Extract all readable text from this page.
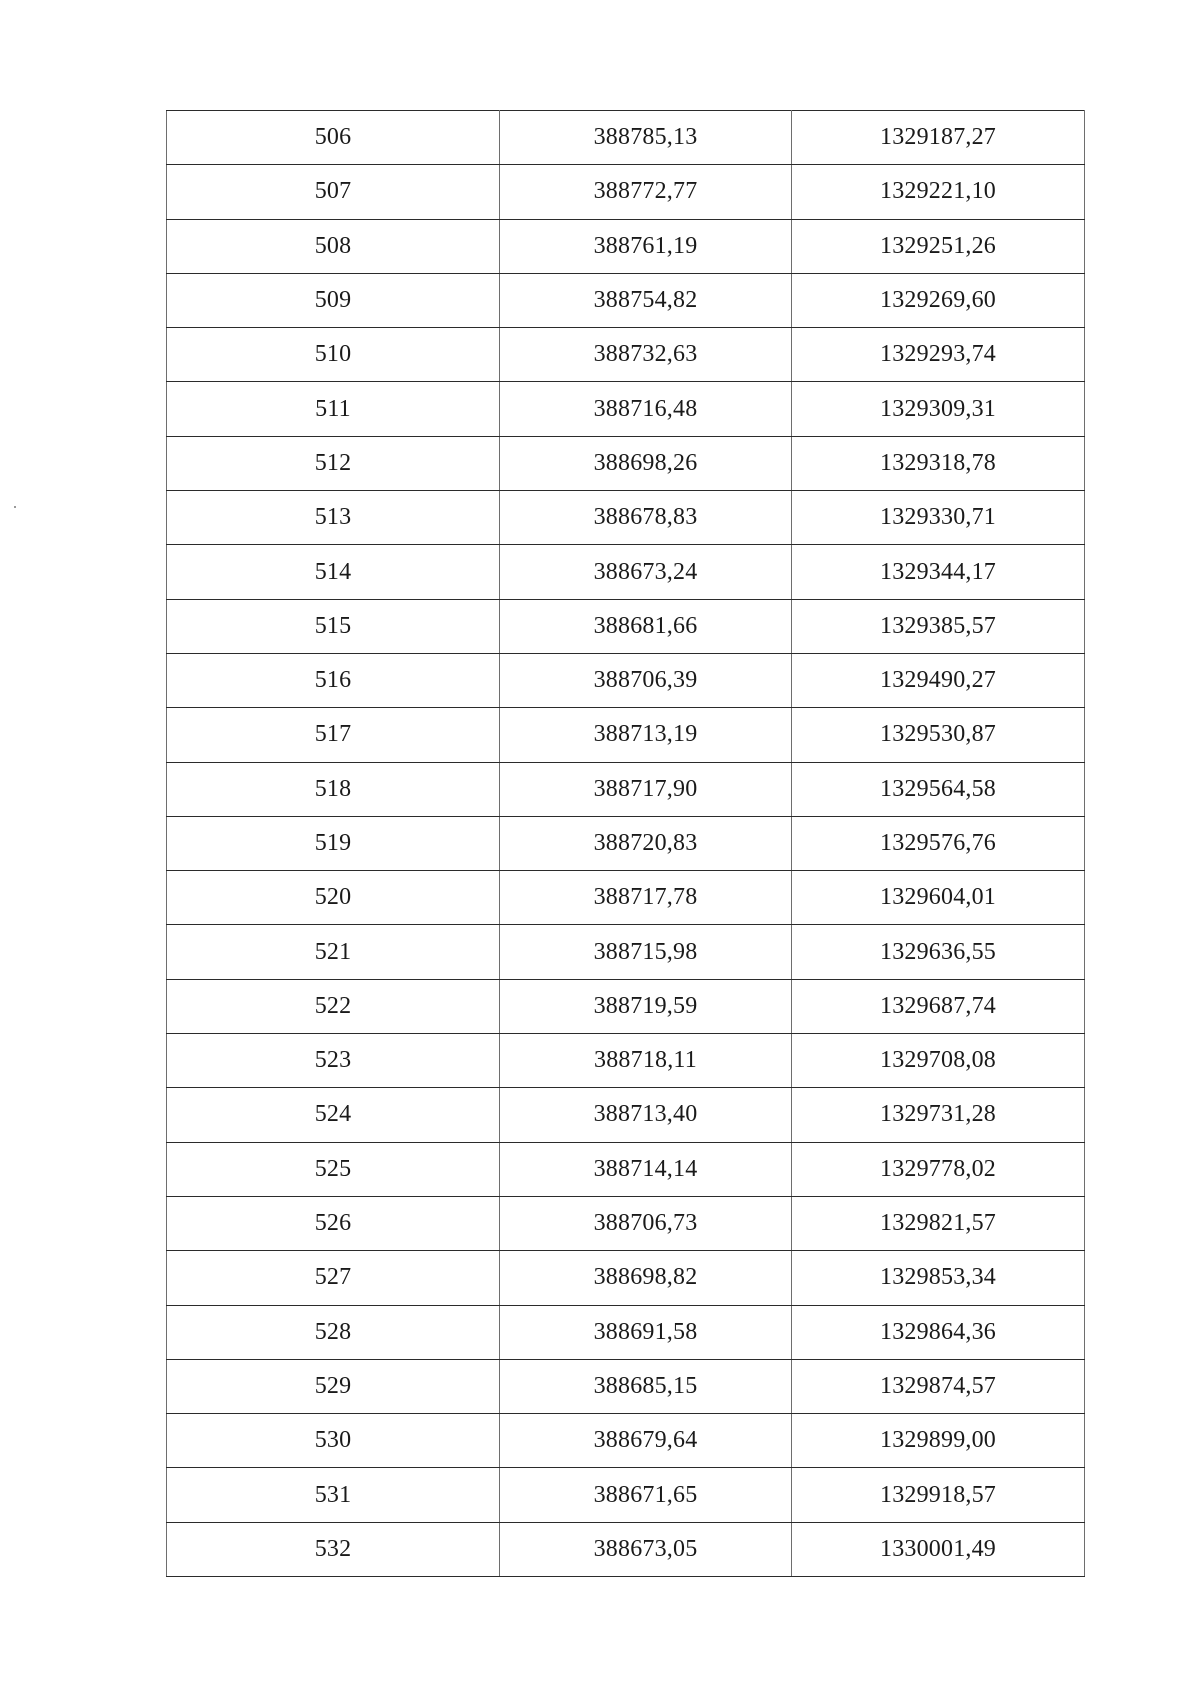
506	388785,13	1329187,27
507	388772,77	1329221,10
508	388761,19	1329251,26
509	388754,82	1329269,60
510	388732,63	1329293,74
511	388716,48	1329309,31
512	388698,26	1329318,78
513	388678,83	1329330,71
514	388673,24	1329344,17
515	388681,66	1329385,57
516	388706,39	1329490,27
517	388713,19	1329530,87
518	388717,90	1329564,58
519	388720,83	1329576,76
520	388717,78	1329604,01
521	388715,98	1329636,55
522	388719,59	1329687,74
523	388718,11	1329708,08
524	388713,40	1329731,28
525	388714,14	1329778,02
526	388706,73	1329821,57
527	388698,82	1329853,34
528	388691,58	1329864,36
529	388685,15	1329874,57
530	388679,64	1329899,00
531	388671,65	1329918,57
532	388673,05	1330001,49
